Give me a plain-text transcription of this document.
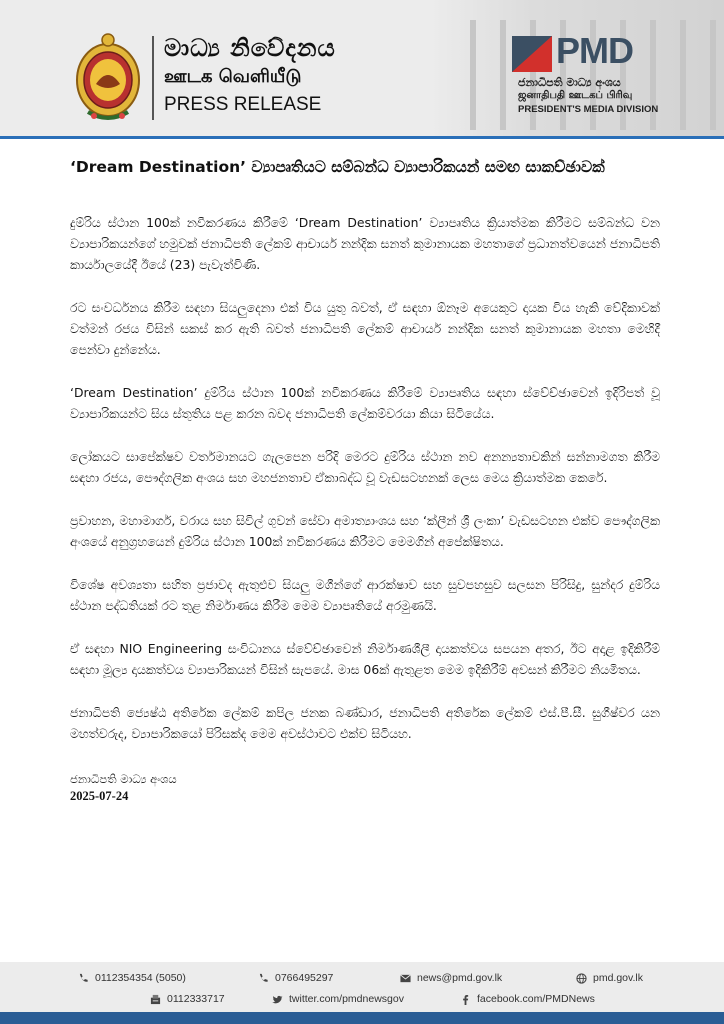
මාධ්‍ය නිවේදනය
ஊடக வெளியீடு
PRESS RELEASE
PMD
ජනාධිපති මාධ්‍ය අංශය
ஜனாதிபதி ஊடகப் பிரிவு
PRESIDENT'S MEDIA DIVISION
‘Dream Destination’ ව්‍යාපෘතියට සම්බන්ධ ව්‍යාපාරිකයන් සමඟ සාකච්ඡාවක්

දුම්රිය ස්ථාන 100ක් නවීකරණය කිරීමේ ‘Dream Destination’ ව්‍යාපෘතිය ක්‍රියාත්මක කිරීමට සම්බන්ධ වන ව්‍යාපාරිකයන්ගේ හමුවක් ජනාධිපති ලේකම් ආචාර්ය නන්දික සනත් කුමානායක මහතාගේ ප්‍රධානත්වයෙන් ජනාධිපති කාර්යාලයේදී ඊයේ (23) පැවැත්විණි.

රට සංවර්ධනය කිරීම සඳහා සියලුදෙනා එක් විය යුතු බවත්, ඒ සඳහා ඕනෑම අයෙකුට දායක විය හැකි වේදිකාවක් වත්මන් රජය විසින් සකස් කර ඇති බවත් ජනාධිපති ලේකම් ආචාර්ය නන්දික සනත් කුමානායක මහතා මෙහිදී පෙන්වා දුන්නේය.

‘Dream Destination’ දුම්රිය ස්ථාන 100ක් නවීකරණය කිරීමේ ව්‍යාපෘතිය සඳහා ස්වේච්ඡාවෙන් ඉදිරිපත් වූ ව්‍යාපාරිකයන්ට සිය ස්තුතිය පළ කරන බවද ජනාධිපති ලේකම්වරයා කියා සිටියේය.

ලෝකයට සාපේක්ෂව වර්තමානයට ගැලපෙන පරිදි මෙරට දුම්රිය ස්ථාන නව අනන්‍යතාවකින් සන්නාමගත කිරීම සඳහා රජය, පෞද්ගලික අංශය සහ මහජනතාව ඒකාබද්ධ වූ වැඩසටහනක් ලෙස මෙය ක්‍රියාත්මක කෙරේ.

ප්‍රවාහන, මහාමාර්ග, වරාය සහ සිවිල් ගුවන් සේවා අමාත්‍යාංශය සහ ‘ක්ලීන් ශ්‍රී ලංකා’ වැඩසටහන එක්ව පෞද්ගලික අංශයේ අනුග්‍රහයෙන් දුම්රිය ස්ථාන 100ක් නවීකරණය කිරීමට මෙමගින් අපේක්ෂිතය.

විශේෂ අවශ්‍යතා සහිත ප්‍රජාවද ඇතුළුව සියලු මගීන්ගේ ආරක්ෂාව සහ සුවපහසුව සලසන පිරිසිදු, සුන්දර දුම්රිය ස්ථාන පද්ධතියක් රට තුළ නිර්මාණය කිරීම මෙම ව්‍යාපෘතියේ අරමුණයි.

ඒ සඳහා NIO Engineering සංවිධානය ස්වේච්ඡාවෙන් නිර්මාණශීලී දායකත්වය සපයන අතර, ඊට අදාළ ඉදිකිරීම් සඳහා මූල්‍ය දායකත්වය ව්‍යාපාරිකයන් විසින් සැපයේ. මාස 06ක් ඇතුළත මෙම ඉදිකිරීම් අවසන් කිරීමට නියමිතය.

ජනාධිපති ජ්‍යෙෂ්ඨ අතිරේක ලේකම් කපිල ජනක බණ්ඩාර, ජනාධිපති අතිරේක ලේකම් එස්.පී.සී. සුගීෂ්වර යන මහත්වරුද, ව්‍යාපාරිකයෝ පිරිසක්ද මෙම අවස්ථාවට එක්ව සිටියහ.

ජනාධිපති මාධ්‍ය අංශය
2025-07-24
0112354354 (5050)	0766495297	news@pmd.gov.lk	pmd.gov.lk
0112333717	twitter.com/pmdnewsgov	facebook.com/PMDNews
